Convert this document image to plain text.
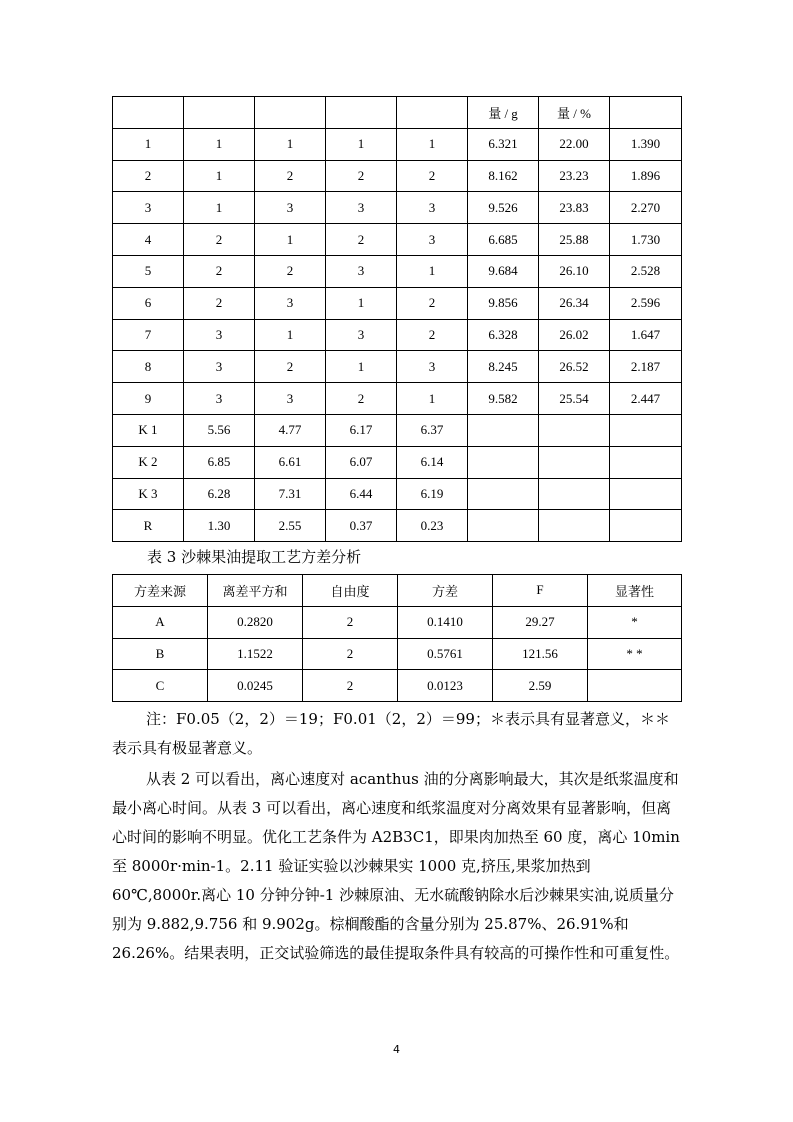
					量 / g	量 / %	
1	1	1	1	1	6.321	22.00	1.390
2	1	2	2	2	8.162	23.23	1.896
3	1	3	3	3	9.526	23.83	2.270
4	2	1	2	3	6.685	25.88	1.730
5	2	2	3	1	9.684	26.10	2.528
6	2	3	1	2	9.856	26.34	2.596
7	3	1	3	2	6.328	26.02	1.647
8	3	2	1	3	8.245	26.52	2.187
9	3	3	2	1	9.582	25.54	2.447
K 1	5.56	4.77	6.17	6.37			
K 2	6.85	6.61	6.07	6.14			
K 3	6.28	7.31	6.44	6.19			
R	1.30	2.55	0.37	0.23			
表 3 沙棘果油提取工艺方差分析
方差来源	离差平方和	自由度	方差	F	显著性
A	0.2820	2	0.1410	29.27	*
B	1.1522	2	0.5761	121.56	* *
C	0.0245	2	0.0123	2.59	

注：F0.05（2，2）＝19；F0.01（2，2）＝99；＊表示具有显著意义，＊＊表示具有极显著意义。

从表 2 可以看出，离心速度对 acanthus 油的分离影响最大，其次是纸浆温度和最小离心时间。从表 3 可以看出，离心速度和纸浆温度对分离效果有显著影响，但离心时间的影响不明显。优化工艺条件为 A2B3C1，即果肉加热至 60 度，离心 10min 至 8000r·min-1。2.11 验证实验以沙棘果实 1000 克,挤压,果浆加热到 60℃,8000r.离心 10 分钟分钟-1 沙棘原油、无水硫酸钠除水后沙棘果实油,说质量分别为 9.882,9.756 和 9.902g。棕榈酸酯的含量分别为 25.87%、26.91%和 26.26%。结果表明，正交试验筛选的最佳提取条件具有较高的可操作性和可重复性。

4
